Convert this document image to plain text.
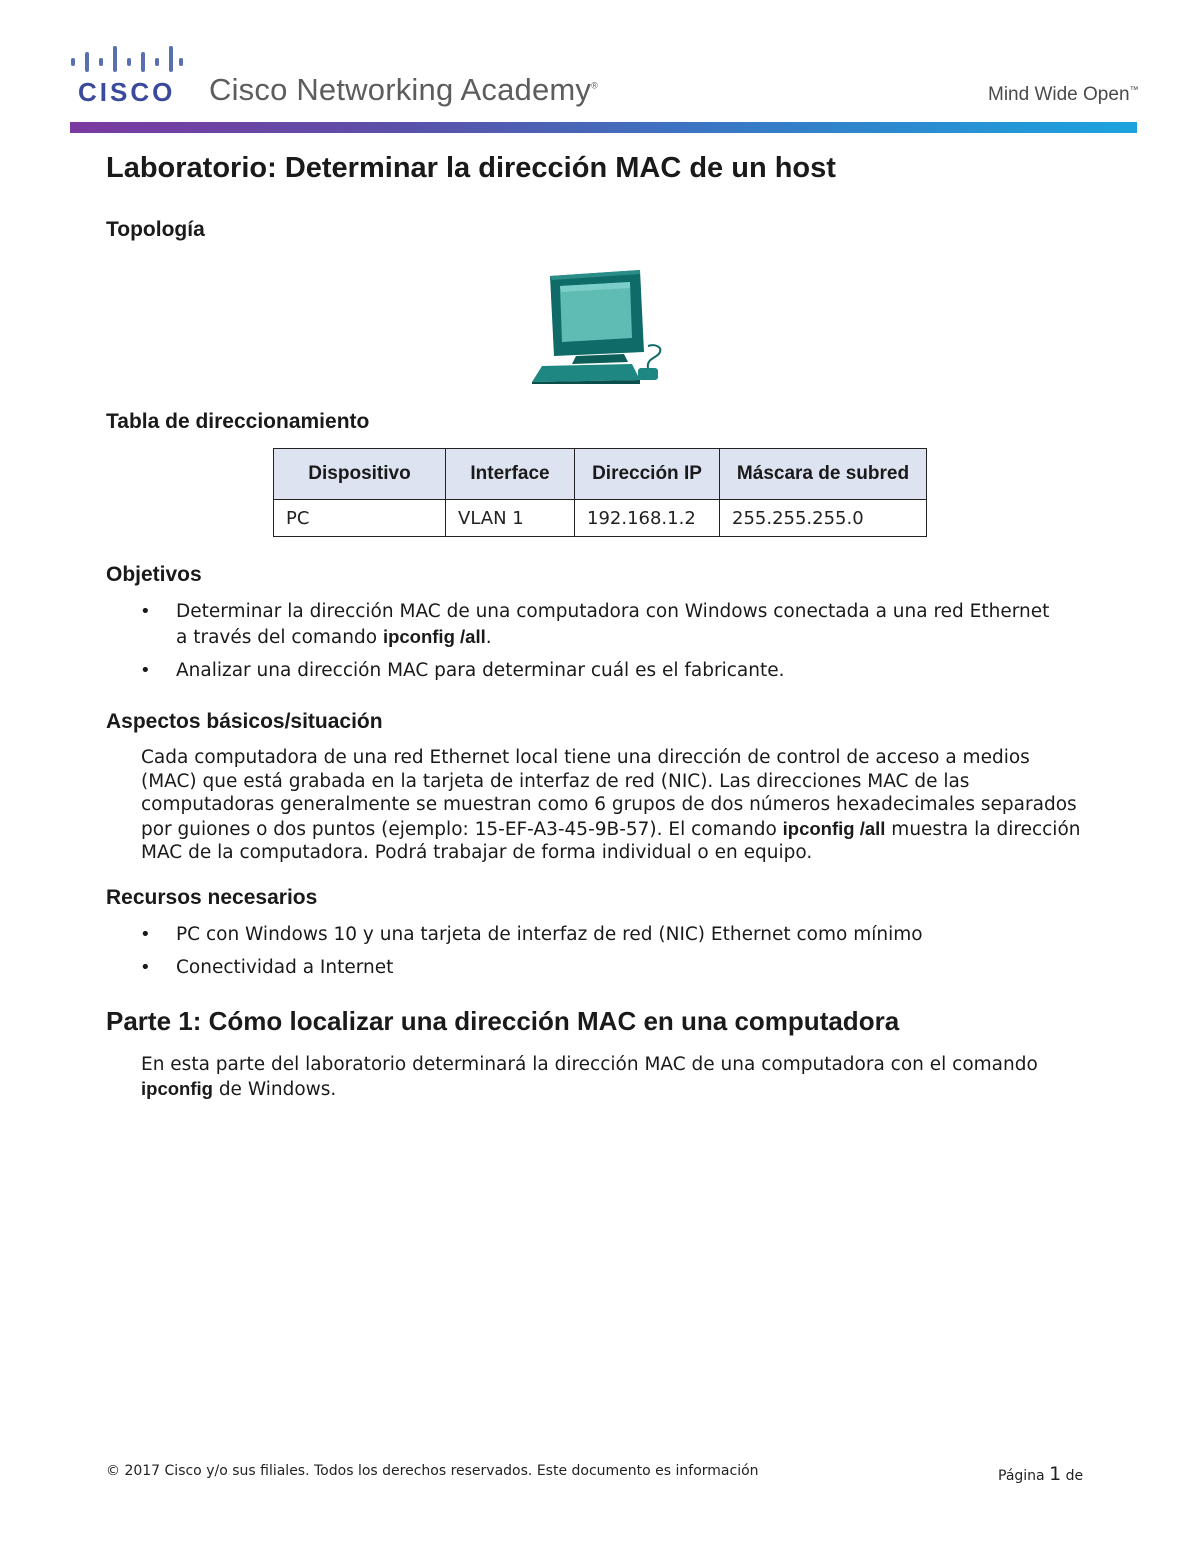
CISCO Cisco Networking Academy®	Mind Wide Open™
Laboratorio: Determinar la dirección MAC de un host
Topología
Tabla de direccionamiento
Dispositivo	Interface	Dirección IP	Máscara de subred
PC	VLAN 1	192.168.1.2	255.255.255.0
Objetivos
• Determinar la dirección MAC de una computadora con Windows conectada a una red Ethernet a través del comando ipconfig /all.
• Analizar una dirección MAC para determinar cuál es el fabricante.
Aspectos básicos/situación

Cada computadora de una red Ethernet local tiene una dirección de control de acceso a medios (MAC) que está grabada en la tarjeta de interfaz de red (NIC). Las direcciones MAC de las computadoras generalmente se muestran como 6 grupos de dos números hexadecimales separados por guiones o dos puntos (ejemplo: 15-EF-A3-45-9B-57). El comando ipconfig /all muestra la dirección MAC de la computadora. Podrá trabajar de forma individual o en equipo.

Recursos necesarios
• PC con Windows 10 y una tarjeta de interfaz de red (NIC) Ethernet como mínimo
• Conectividad a Internet
Parte 1: Cómo localizar una dirección MAC en una computadora

En esta parte del laboratorio determinará la dirección MAC de una computadora con el comando ipconfig de Windows.

© 2017 Cisco y/o sus filiales. Todos los derechos reservados. Este documento es información	Página 1 de
